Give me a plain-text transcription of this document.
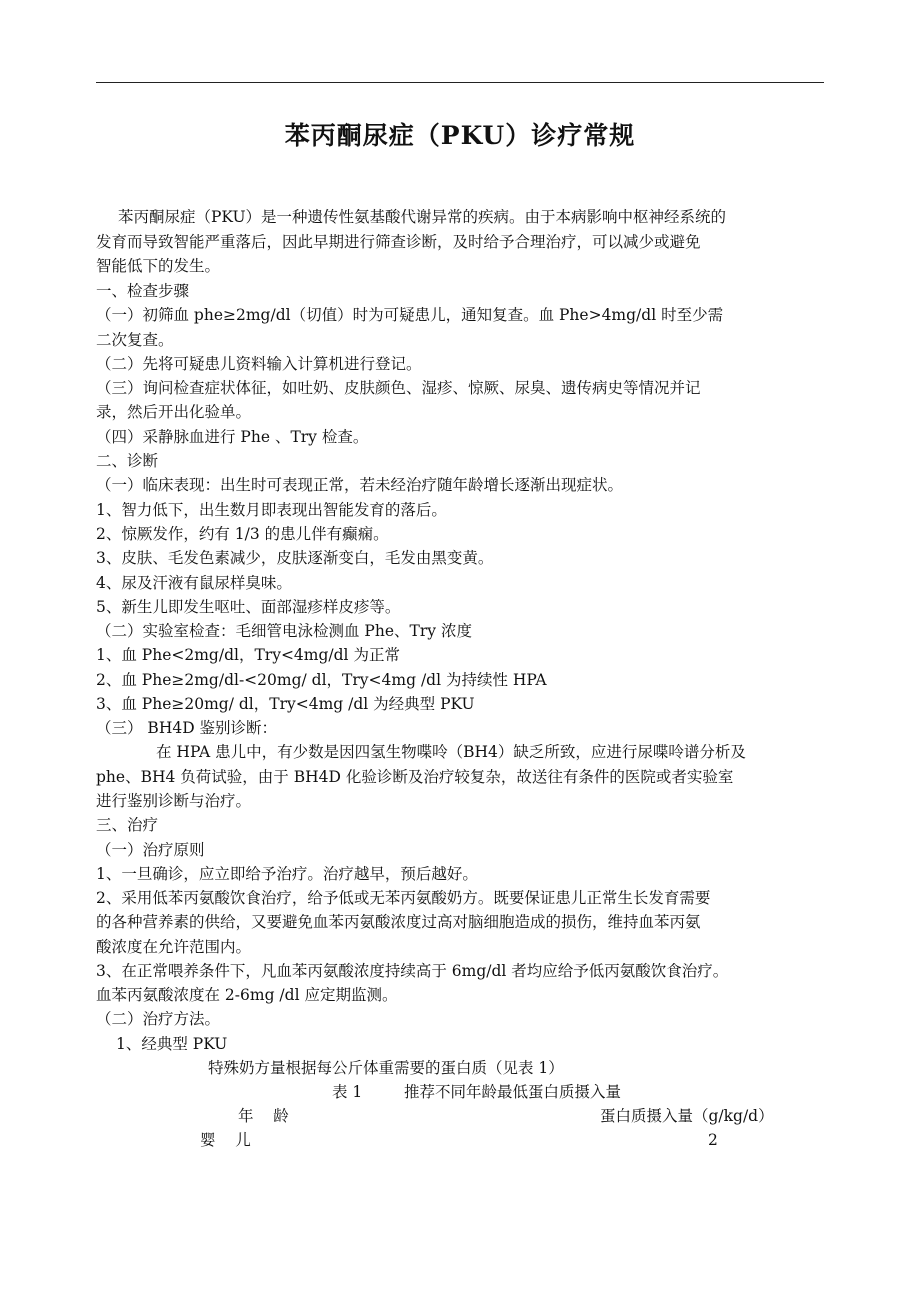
苯丙酮尿症（PKU）诊疗常规

苯丙酮尿症（PKU）是一种遗传性氨基酸代谢异常的疾病。由于本病影响中枢神经系统的

发育而导致智能严重落后，因此早期进行筛查诊断，及时给予合理治疗，可以减少或避免

智能低下的发生。

一、检查步骤

（一）初筛血 phe≥2mg/dl（切值）时为可疑患儿，通知复查。血 Phe>4mg/dl 时至少需

二次复查。

（二）先将可疑患儿资料输入计算机进行登记。

（三）询问检查症状体征，如吐奶、皮肤颜色、湿疹、惊厥、尿臭、遗传病史等情况并记

录，然后开出化验单。

（四）采静脉血进行 Phe 、Try 检查。

二、诊断

（一）临床表现：出生时可表现正常，若未经治疗随年龄增长逐渐出现症状。

1、智力低下，出生数月即表现出智能发育的落后。

2、惊厥发作，约有 1/3 的患儿伴有癫痫。

3、皮肤、毛发色素减少，皮肤逐渐变白，毛发由黑变黄。

4、尿及汗液有鼠尿样臭味。

5、新生儿即发生呕吐、面部湿疹样皮疹等。

（二）实验室检查：毛细管电泳检测血 Phe、Try 浓度

1、血 Phe<2mg/dl，Try<4mg/dl 为正常

2、血 Phe≥2mg/dl-<20mg/ dl，Try<4mg /dl 为持续性 HPA

3、血 Phe≥20mg/ dl，Try<4mg /dl 为经典型 PKU

（三） BH4D 鉴别诊断：

在 HPA 患儿中，有少数是因四氢生物喋呤（BH4）缺乏所致，应进行尿喋呤谱分析及

phe、BH4 负荷试验，由于 BH4D 化验诊断及治疗较复杂，故送往有条件的医院或者实验室

进行鉴别诊断与治疗。

三、治疗

（一）治疗原则

1、一旦确诊，应立即给予治疗。治疗越早，预后越好。

2、采用低苯丙氨酸饮食治疗，给予低或无苯丙氨酸奶方。既要保证患儿正常生长发育需要

的各种营养素的供给，又要避免血苯丙氨酸浓度过高对脑细胞造成的损伤，维持血苯丙氨

酸浓度在允许范围内。

3、在正常喂养条件下，凡血苯丙氨酸浓度持续高于 6mg/dl 者均应给予低丙氨酸饮食治疗。

血苯丙氨酸浓度在 2-6mg /dl 应定期监测。

（二）治疗方法。

1、经典型 PKU

特殊奶方量根据每公斤体重需要的蛋白质（见表 1）

表 1	推荐不同年龄最低蛋白质摄入量

年    龄	蛋白质摄入量（g/kg/d）

婴    儿	2
